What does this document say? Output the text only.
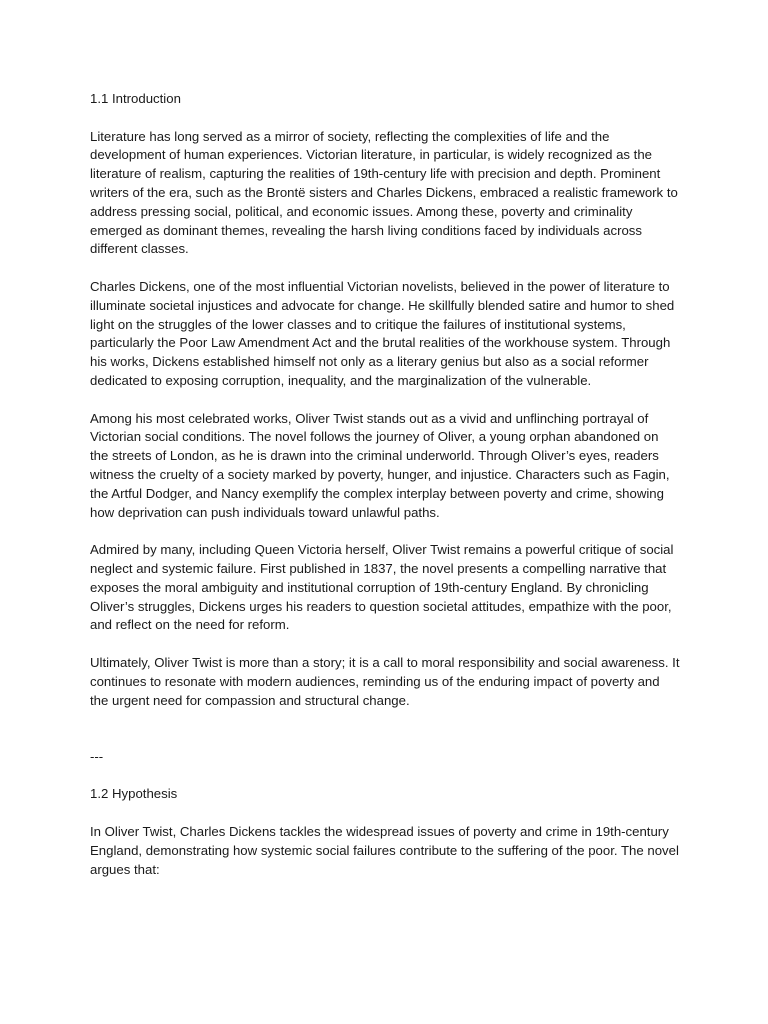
1.1 Introduction

Literature has long served as a mirror of society, reflecting the complexities of life and the development of human experiences. Victorian literature, in particular, is widely recognized as the literature of realism, capturing the realities of 19th-century life with precision and depth. Prominent writers of the era, such as the Brontë sisters and Charles Dickens, embraced a realistic framework to address pressing social, political, and economic issues. Among these, poverty and criminality emerged as dominant themes, revealing the harsh living conditions faced by individuals across different classes.

Charles Dickens, one of the most influential Victorian novelists, believed in the power of literature to illuminate societal injustices and advocate for change. He skillfully blended satire and humor to shed light on the struggles of the lower classes and to critique the failures of institutional systems, particularly the Poor Law Amendment Act and the brutal realities of the workhouse system. Through his works, Dickens established himself not only as a literary genius but also as a social reformer dedicated to exposing corruption, inequality, and the marginalization of the vulnerable.

Among his most celebrated works, Oliver Twist stands out as a vivid and unflinching portrayal of Victorian social conditions. The novel follows the journey of Oliver, a young orphan abandoned on the streets of London, as he is drawn into the criminal underworld. Through Oliver’s eyes, readers witness the cruelty of a society marked by poverty, hunger, and injustice. Characters such as Fagin, the Artful Dodger, and Nancy exemplify the complex interplay between poverty and crime, showing how deprivation can push individuals toward unlawful paths.

Admired by many, including Queen Victoria herself, Oliver Twist remains a powerful critique of social neglect and systemic failure. First published in 1837, the novel presents a compelling narrative that exposes the moral ambiguity and institutional corruption of 19th-century England. By chronicling Oliver’s struggles, Dickens urges his readers to question societal attitudes, empathize with the poor, and reflect on the need for reform.

Ultimately, Oliver Twist is more than a story; it is a call to moral responsibility and social awareness. It continues to resonate with modern audiences, reminding us of the enduring impact of poverty and the urgent need for compassion and structural change.

---

1.2 Hypothesis

In Oliver Twist, Charles Dickens tackles the widespread issues of poverty and crime in 19th-century England, demonstrating how systemic social failures contribute to the suffering of the poor. The novel argues that:
